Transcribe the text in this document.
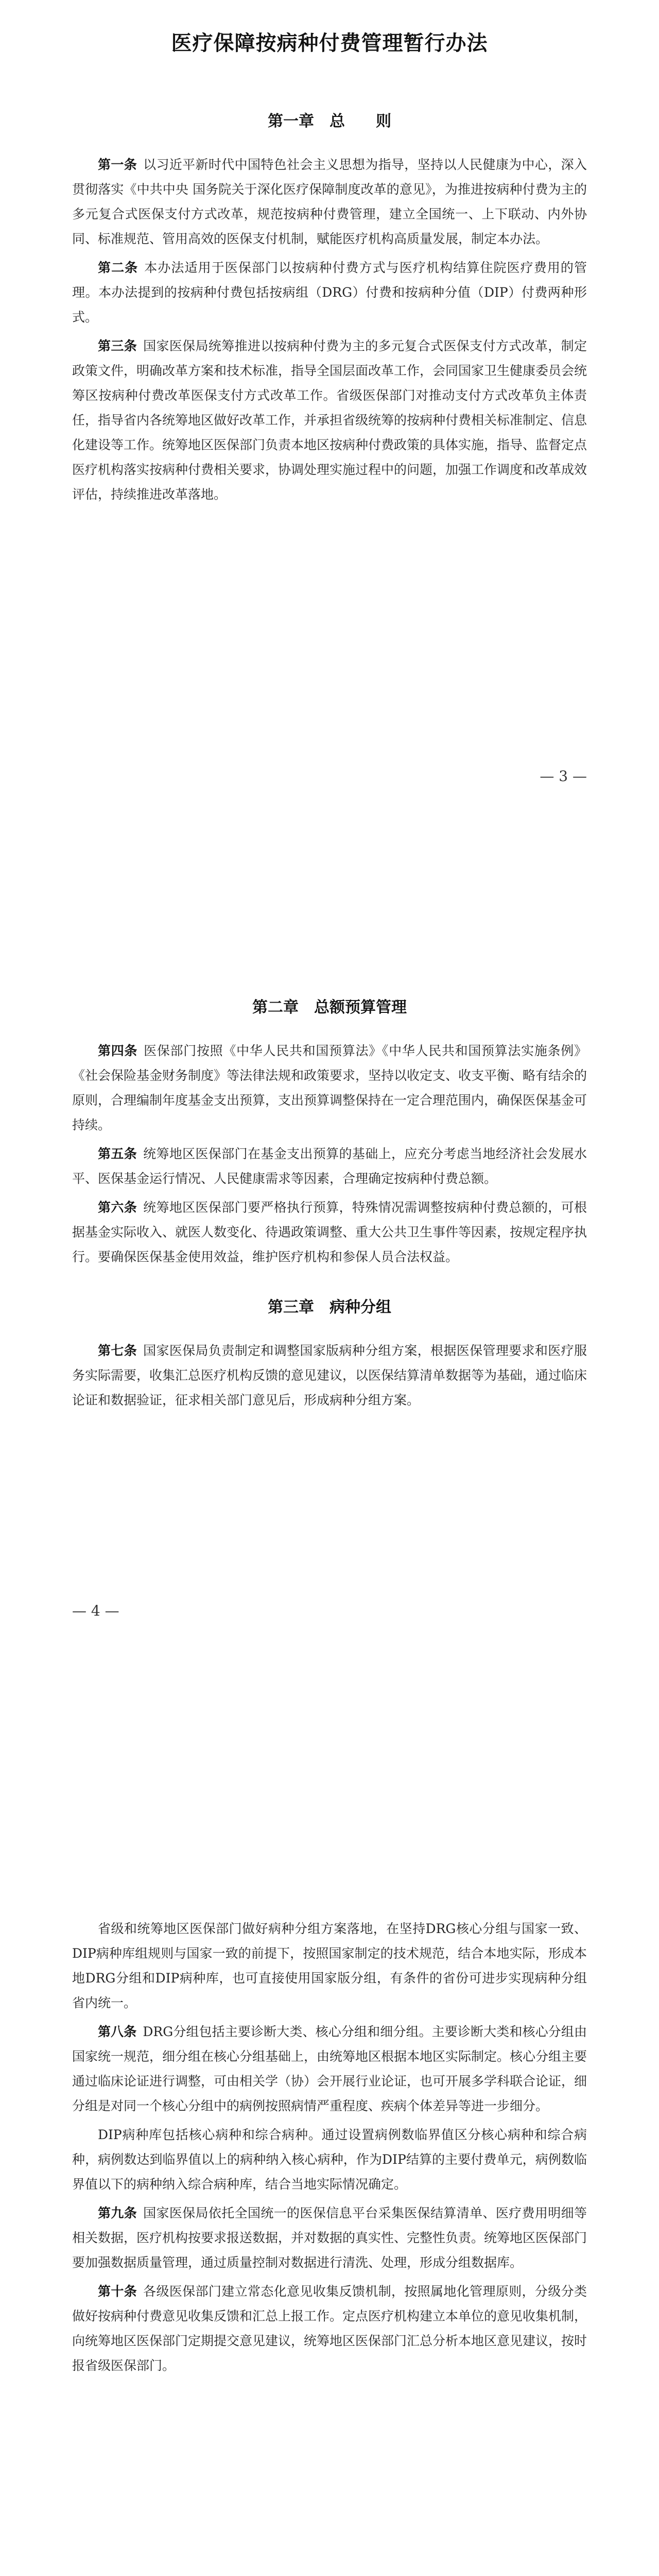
医疗保障按病种付费管理暂行办法
第一章　总　　则

第一条 以习近平新时代中国特色社会主义思想为指导，坚持以人民健康为中心，深入贯彻落实《中共中央 国务院关于深化医疗保障制度改革的意见》，为推进按病种付费为主的多元复合式医保支付方式改革，规范按病种付费管理，建立全国统一、上下联动、内外协同、标准规范、管用高效的医保支付机制，赋能医疗机构高质量发展，制定本办法。

第二条 本办法适用于医保部门以按病种付费方式与医疗机构结算住院医疗费用的管理。本办法提到的按病种付费包括按病组（DRG）付费和按病种分值（DIP）付费两种形式。

第三条 国家医保局统筹推进以按病种付费为主的多元复合式医保支付方式改革，制定政策文件，明确改革方案和技术标准，指导全国层面改革工作，会同国家卫生健康委员会统筹区按病种付费改革医保支付方式改革工作。省级医保部门对推动支付方式改革负主体责任，指导省内各统筹地区做好改革工作，并承担省级统筹的按病种付费相关标准制定、信息化建设等工作。统筹地区医保部门负责本地区按病种付费政策的具体实施，指导、监督定点医疗机构落实按病种付费相关要求，协调处理实施过程中的问题，加强工作调度和改革成效评估，持续推进改革落地。

— 3 —
第二章　总额预算管理

第四条 医保部门按照《中华人民共和国预算法》《中华人民共和国预算法实施条例》《社会保险基金财务制度》等法律法规和政策要求，坚持以收定支、收支平衡、略有结余的原则，合理编制年度基金支出预算，支出预算调整保持在一定合理范围内，确保医保基金可持续。

第五条 统筹地区医保部门在基金支出预算的基础上，应充分考虑当地经济社会发展水平、医保基金运行情况、人民健康需求等因素，合理确定按病种付费总额。

第六条 统筹地区医保部门要严格执行预算，特殊情况需调整按病种付费总额的，可根据基金实际收入、就医人数变化、待遇政策调整、重大公共卫生事件等因素，按规定程序执行。要确保医保基金使用效益，维护医疗机构和参保人员合法权益。

第三章　病种分组

第七条 国家医保局负责制定和调整国家版病种分组方案，根据医保管理要求和医疗服务实际需要，收集汇总医疗机构反馈的意见建议，以医保结算清单数据等为基础，通过临床论证和数据验证，征求相关部门意见后，形成病种分组方案。

— 4 —

省级和统筹地区医保部门做好病种分组方案落地，在坚持DRG核心分组与国家一致、DIP病种库组规则与国家一致的前提下，按照国家制定的技术规范，结合本地实际，形成本地DRG分组和DIP病种库，也可直接使用国家版分组，有条件的省份可进步实现病种分组省内统一。

第八条 DRG分组包括主要诊断大类、核心分组和细分组。主要诊断大类和核心分组由国家统一规范，细分组在核心分组基础上，由统筹地区根据本地区实际制定。核心分组主要通过临床论证进行调整，可由相关学（协）会开展行业论证，也可开展多学科联合论证，细分组是对同一个核心分组中的病例按照病情严重程度、疾病个体差异等进一步细分。

DIP病种库包括核心病种和综合病种。通过设置病例数临界值区分核心病种和综合病种，病例数达到临界值以上的病种纳入核心病种，作为DIP结算的主要付费单元，病例数临界值以下的病种纳入综合病种库，结合当地实际情况确定。

第九条 国家医保局依托全国统一的医保信息平台采集医保结算清单、医疗费用明细等相关数据，医疗机构按要求报送数据，并对数据的真实性、完整性负责。统筹地区医保部门要加强数据质量管理，通过质量控制对数据进行清洗、处理，形成分组数据库。

第十条 各级医保部门建立常态化意见收集反馈机制，按照属地化管理原则，分级分类做好按病种付费意见收集反馈和汇总上报工作。定点医疗机构建立本单位的意见收集机制，向统筹地区医保部门定期提交意见建议，统筹地区医保部门汇总分析本地区意见建议，按时报省级医保部门。
